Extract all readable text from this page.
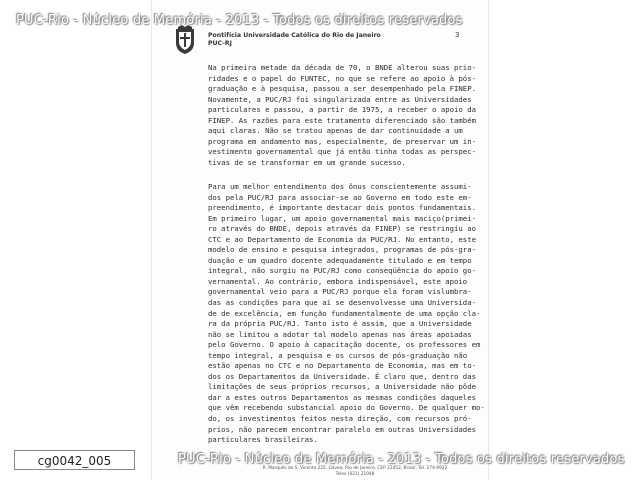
Pontifícia Universidade Católica do Rio de Janeiro
PUC-RJ
3

Na primeira metade da década de 70, o BNDE alterou suas prio-

ridades e o papel do FUNTEC, no que se refere ao apoio à pós-

graduação e à pesquisa, passou a ser desempenhado pela FINEP.

Novamente, a PUC/RJ foi singularizada entre as Universidades

particulares e passou, a partir de 1975, a receber o apoio da

FINEP. As razões para este tratamento diferenciado são também

aqui claras. Não se tratou apenas de dar continuidade a um

programa em andamento mas, especialmente, de preservar um in-

vestimento governamental que já então tinha todas as perspec-

tivas de se transformar em um grande sucesso.

Para um melhor entendimento dos ônus conscientemente assumi-

dos pela PUC/RJ para associar-se ao Governo em todo este em-

preendimento, é importante destacar dois pontos fundamentais.

Em primeiro lugar, um apoio governamental mais maciço(primei-

ro através do BNDE, depois através da FINEP) se restringiu ao

CTC e ao Departamento de Economia da PUC/RJ. No entanto, este

modelo de ensino e pesquisa integrados, programas de pós-gra-

duação e um quadro docente adequadamente titulado e em tempo

integral, não surgiu na PUC/RJ como conseqüência do apoio go-

vernamental. Ao contrário, embora indispensável, este apoio

governamental veio para a PUC/RJ porque ela foram vislumbra-

das as condições para que aí se desenvolvesse uma Universida-

de de excelência, em função fundamentalmente de uma opção cla-

ra da própria PUC/RJ. Tanto isto é assim, que a Universidade

não se limitou a adotar tal modelo apenas nas áreas apoiadas

pelo Governo. O apoio à capacitação docente, os professores em

tempo integral, a pesquisa e os cursos de pós-graduação não

estão apenas no CTC e no Departamento de Economia, mas em to-

dos os Departamentos da Universidade. É claro que, dentro das

limitações de seus próprios recursos, a Universidade não pôde

dar a estes outros Departamentos as mesmas condições daqueles

que vêm recebendo substancial apoio do Governo. De qualquer mo-

do, os investimentos feitos nesta direção, com recursos pró-

prios, não parecem encontrar paralelo em outras Universidades

particulares brasileiras.

R. Marquês de S. Vicente 225, Gávea, Rio de Janeiro, CEP 22453, Brasil, Tel. 274-9922
Telex (021) 21048
PUC-Rio - Núcleo de Memória - 2013 - Todos os direitos reservados
PUC-Rio - Núcleo de Memória - 2013 - Todos os direitos reservados
cg0042_005
